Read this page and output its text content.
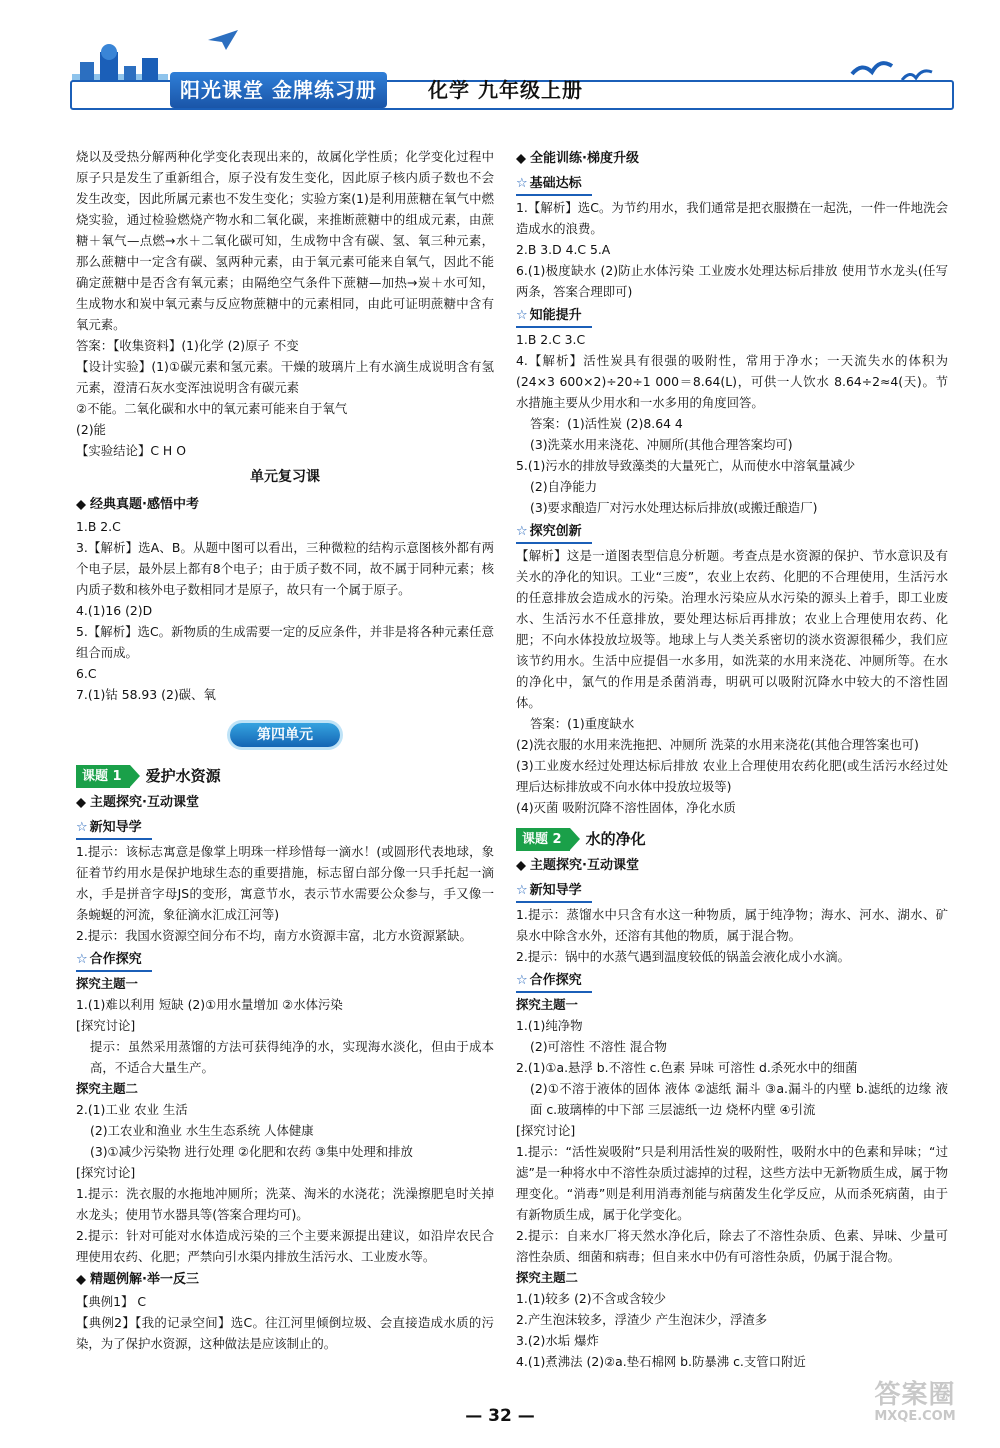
阳光课堂 金牌练习册	化学 九年级上册

烧以及受热分解两种化学变化表现出来的，故属化学性质；化学变化过程中原子只是发生了重新组合，原子没有发生变化，因此原子核内质子数也不会发生改变，因此所属元素也不发生变化；实验方案(1)是利用蔗糖在氧气中燃烧实验，通过检验燃烧产物水和二氧化碳，来推断蔗糖中的组成元素，由蔗糖＋氧气—点燃→水＋二氧化碳可知，生成物中含有碳、氢、氧三种元素，那么蔗糖中一定含有碳、氢两种元素，由于氧元素可能来自氧气，因此不能确定蔗糖中是否含有氧元素；由隔绝空气条件下蔗糖—加热→炭＋水可知，生成物水和炭中氧元素与反应物蔗糖中的元素相同，由此可证明蔗糖中含有氧元素。

答案：【收集资料】(1)化学 (2)原子 不变

【设计实验】(1)①碳元素和氢元素。干燥的玻璃片上有水滴生成说明含有氢元素，澄清石灰水变浑浊说明含有碳元素

②不能。二氧化碳和水中的氧元素可能来自于氧气

(2)能

【实验结论】C H O

单元复习课
经典真题·感悟中考

1.B 2.C

3.【解析】选A、B。从题中图可以看出，三种微粒的结构示意图核外都有两个电子层，最外层上都有8个电子；由于质子数不同，故不属于同种元素；核内质子数和核外电子数相同才是原子，故只有一个属于原子。

4.(1)16 (2)D

5.【解析】选C。新物质的生成需要一定的反应条件，并非是将各种元素任意组合而成。

6.C

7.(1)钴 58.93 (2)碳、氧

第四单元
课题 1	爱护水资源
主题探究·互动课堂
☆ 新知导学

1.提示：该标志寓意是像掌上明珠一样珍惜每一滴水！(或圆形代表地球，象征着节约用水是保护地球生态的重要措施，标志留白部分像一只手托起一滴水，手是拼音字母JS的变形，寓意节水，表示节水需要公众参与，手又像一条蜿蜒的河流，象征滴水汇成江河等)

2.提示：我国水资源空间分布不均，南方水资源丰富，北方水资源紧缺。

☆ 合作探究

探究主题一

1.(1)难以利用 短缺 (2)①用水量增加 ②水体污染

[探究讨论]

提示：虽然采用蒸馏的方法可获得纯净的水，实现海水淡化，但由于成本高，不适合大量生产。

探究主题二

2.(1)工业 农业 生活

(2)工农业和渔业 水生生态系统 人体健康

(3)①减少污染物 进行处理 ②化肥和农药 ③集中处理和排放

[探究讨论]

1.提示：洗衣服的水拖地冲厕所；洗菜、淘米的水浇花；洗澡擦肥皂时关掉水龙头；使用节水器具等(答案合理均可)。

2.提示：针对可能对水体造成污染的三个主要来源提出建议，如沿岸农民合理使用农药、化肥；严禁向引水渠内排放生活污水、工业废水等。

精题例解·举一反三

【典例1】 C

【典例2】【我的记录空间】选C。往江河里倾倒垃圾、会直接造成水质的污染，为了保护水资源，这种做法是应该制止的。

全能训练·梯度升级
☆ 基础达标

1.【解析】选C。为节约用水，我们通常是把衣服攒在一起洗，一件一件地洗会造成水的浪费。

2.B 3.D 4.C 5.A

6.(1)极度缺水 (2)防止水体污染 工业废水处理达标后排放 使用节水龙头(任写两条，答案合理即可)

☆ 知能提升

1.B 2.C 3.C

4.【解析】活性炭具有很强的吸附性，常用于净水；一天流失水的体积为(24×3 600×2)÷20÷1 000＝8.64(L)，可供一人饮水 8.64÷2≈4(天)。节水措施主要从少用水和一水多用的角度回答。

答案：(1)活性炭 (2)8.64 4

(3)洗菜水用来浇花、冲厕所(其他合理答案均可)

5.(1)污水的排放导致藻类的大量死亡，从而使水中溶氧量减少

(2)自净能力

(3)要求酿造厂对污水处理达标后排放(或搬迁酿造厂)

☆ 探究创新

【解析】这是一道图表型信息分析题。考查点是水资源的保护、节水意识及有关水的净化的知识。工业“三废”，农业上农药、化肥的不合理使用，生活污水的任意排放会造成水的污染。治理水污染应从水污染的源头上着手，即工业废水、生活污水不任意排放，要处理达标后再排放；农业上合理使用农药、化肥；不向水体投放垃圾等。地球上与人类关系密切的淡水资源很稀少，我们应该节约用水。生活中应提倡一水多用，如洗菜的水用来浇花、冲厕所等。在水的净化中，氯气的作用是杀菌消毒，明矾可以吸附沉降水中较大的不溶性固体。

答案：(1)重度缺水

(2)洗衣服的水用来洗拖把、冲厕所 洗菜的水用来浇花(其他合理答案也可)

(3)工业废水经过处理达标后排放 农业上合理使用农药化肥(或生活污水经过处理后达标排放或不向水体中投放垃圾等)

(4)灭菌 吸附沉降不溶性固体，净化水质

课题 2	水的净化
主题探究·互动课堂
☆ 新知导学

1.提示：蒸馏水中只含有水这一种物质，属于纯净物；海水、河水、湖水、矿泉水中除含水外，还溶有其他的物质，属于混合物。

2.提示：锅中的水蒸气遇到温度较低的锅盖会液化成小水滴。

☆ 合作探究

探究主题一

1.(1)纯净物

(2)可溶性 不溶性 混合物

2.(1)①a.悬浮 b.不溶性 c.色素 异味 可溶性 d.杀死水中的细菌

(2)①不溶于液体的固体 液体 ②滤纸 漏斗 ③a.漏斗的内壁 b.滤纸的边缘 液面 c.玻璃棒的中下部 三层滤纸一边 烧杯内壁 ④引流

[探究讨论]

1.提示：“活性炭吸附”只是利用活性炭的吸附性，吸附水中的色素和异味；“过滤”是一种将水中不溶性杂质过滤掉的过程，这些方法中无新物质生成，属于物理变化。“消毒”则是利用消毒剂能与病菌发生化学反应，从而杀死病菌，由于有新物质生成，属于化学变化。

2.提示：自来水厂将天然水净化后，除去了不溶性杂质、色素、异味、少量可溶性杂质、细菌和病毒；但自来水中仍有可溶性杂质，仍属于混合物。

探究主题二

1.(1)较多 (2)不含或含较少

2.产生泡沫较多，浮渣少 产生泡沫少，浮渣多

3.(2)水垢 爆炸

4.(1)煮沸法 (2)②a.垫石棉网 b.防暴沸 c.支管口附近

— 32 —
答案圈
MXQE.COM
